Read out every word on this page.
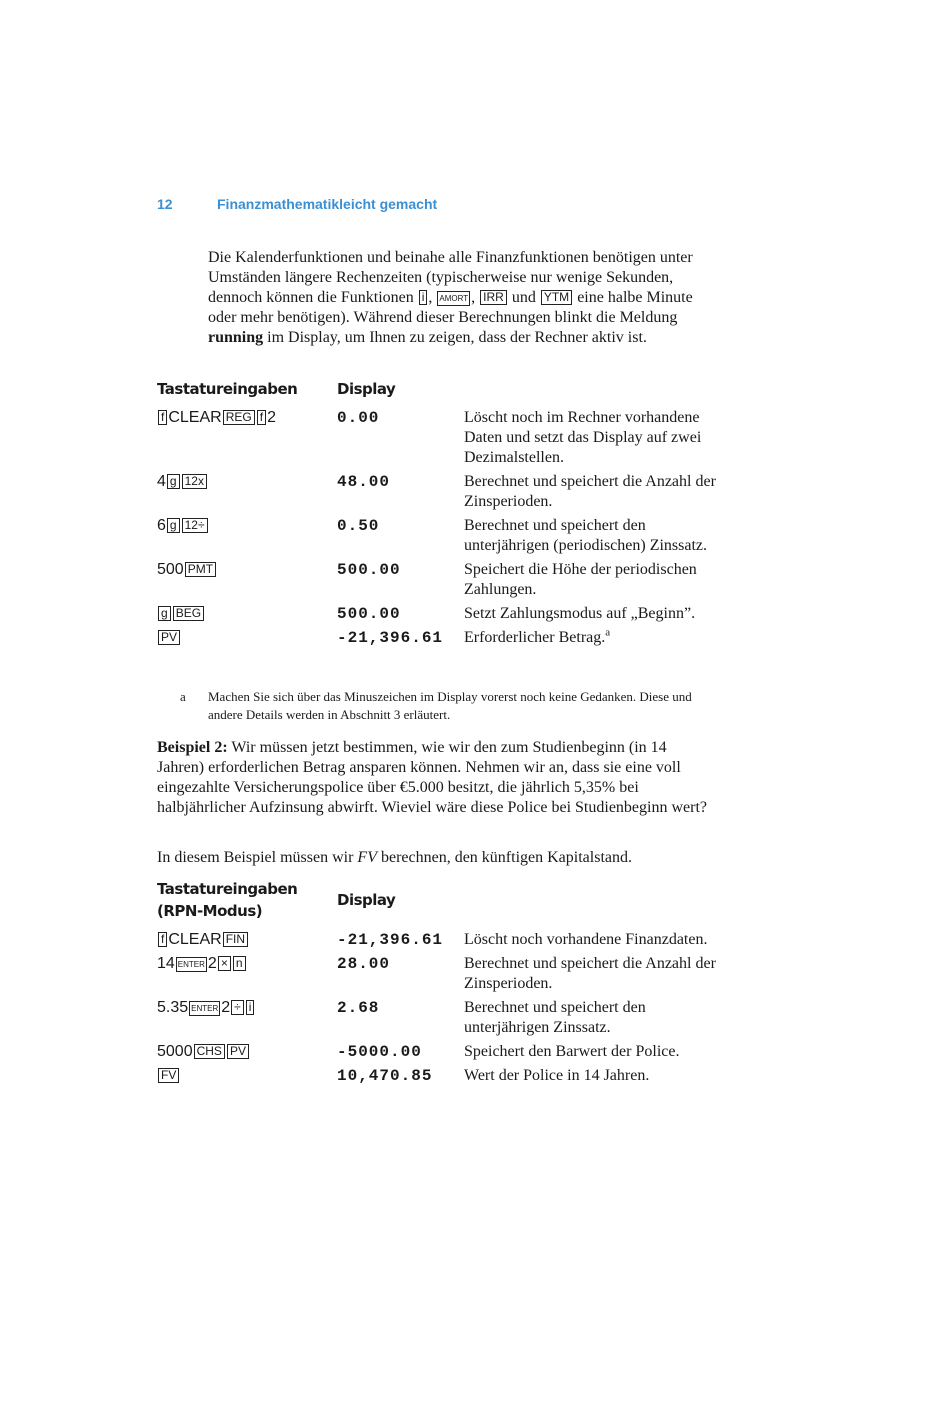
12	Finanzmathematikleicht gemacht

Die Kalenderfunktionen und beinahe alle Finanzfunktionen benötigen unter Umständen längere Rechenzeiten (typischerweise nur wenige Sekunden, dennoch können die Funktionen i , AMORT , IRR und YTM eine halbe Minute oder mehr benötigen). Während dieser Berechnungen blinkt die Meldung running im Display, um Ihnen zu zeigen, dass der Rechner aktiv ist.

Tastatureingaben	Display	

f CLEAR REG f 2	0.00	Löscht noch im Rechner vorhandene Daten und setzt das Display auf zwei Dezimalstellen.
4 g 12x	48.00	Berechnet und speichert die Anzahl der Zinsperioden.
6 g 12÷	0.50	Berechnet und speichert den unterjährigen (periodischen) Zinssatz.
500 PMT	500.00	Speichert die Höhe der periodischen Zahlungen.
g BEG	500.00	Setzt Zahlungsmodus auf „Beginn”.
PV	-21,396.61	Erforderlicher Betrag.$^a$
a Machen Sie sich über das Minuszeichen im Display vorerst noch keine Gedanken. Diese und andere Details werden in Abschnitt 3 erläutert.

Beispiel 2: Wir müssen jetzt bestimmen, wie wir den zum Studienbeginn (in 14 Jahren) erforderlichen Betrag ansparen können. Nehmen wir an, dass sie eine voll eingezahlte Versicherungspolice über €5.000 besitzt, die jährlich 5,35% bei halbjährlicher Aufzinsung abwirft. Wieviel wäre diese Police bei Studienbeginn wert?

In diesem Beispiel müssen wir FV berechnen, den künftigen Kapitalstand.

Tastatureingaben
(RPN-Modus)	Display	

f CLEAR FIN	-21,396.61	Löscht noch vorhandene Finanzdaten.
14 ENTER 2 × n	28.00	Berechnet und speichert die Anzahl der Zinsperioden.
5.35 ENTER 2 ÷ i	2.68	Berechnet und speichert den unterjährigen Zinssatz.
5000 CHS PV	-5000.00	Speichert den Barwert der Police.
FV	10,470.85	Wert der Police in 14 Jahren.
